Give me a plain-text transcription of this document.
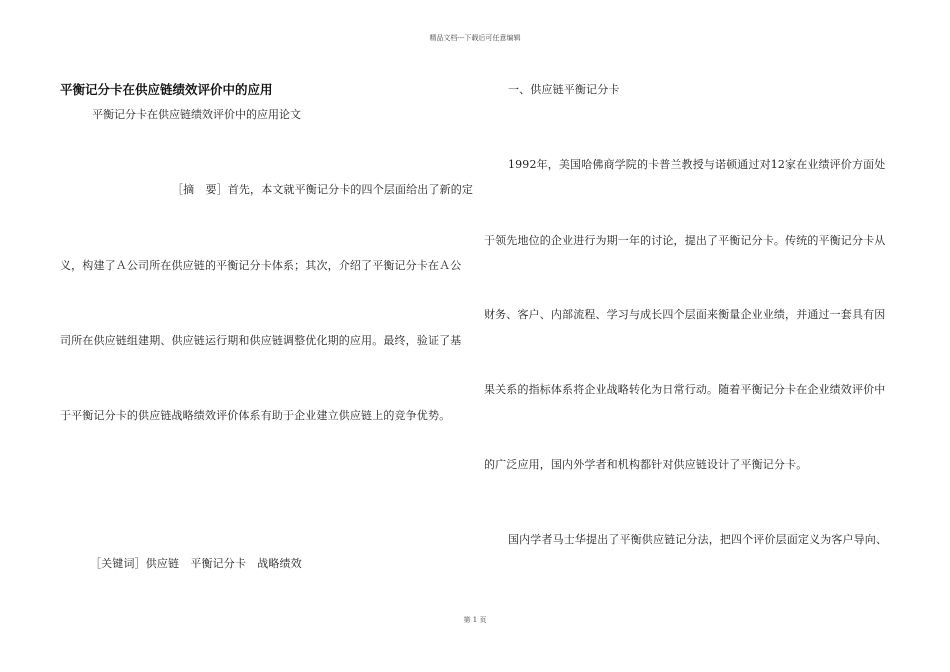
精品文档---下载后可任意编辑
平衡记分卡在供应链绩效评价中的应用
平衡记分卡在供应链绩效评价中的应用论文
［摘　要］首先，本文就平衡记分卡的四个层面给出了新的定
义，构建了Ａ公司所在供应链的平衡记分卡体系；其次，介绍了平衡记分卡在Ａ公
司所在供应链组建期、供应链运行期和供应链调整优化期的应用。最终，验证了基
于平衡记分卡的供应链战略绩效评价体系有助于企业建立供应链上的竞争优势。
［关键词］供应链　平衡记分卡　战略绩效
一、供应链平衡记分卡
1992年，美国哈佛商学院的卡普兰教授与诺顿通过对12家在业绩评价方面处
于领先地位的企业进行为期一年的讨论，提出了平衡记分卡。传统的平衡记分卡从
财务、客户、内部流程、学习与成长四个层面来衡量企业业绩，并通过一套具有因
果关系的指标体系将企业战略转化为日常行动。随着平衡记分卡在企业绩效评价中
的广泛应用，国内外学者和机构都针对供应链设计了平衡记分卡。
国内学者马士华提出了平衡供应链记分法，把四个评价层面定义为客户导向、
第 1 页
